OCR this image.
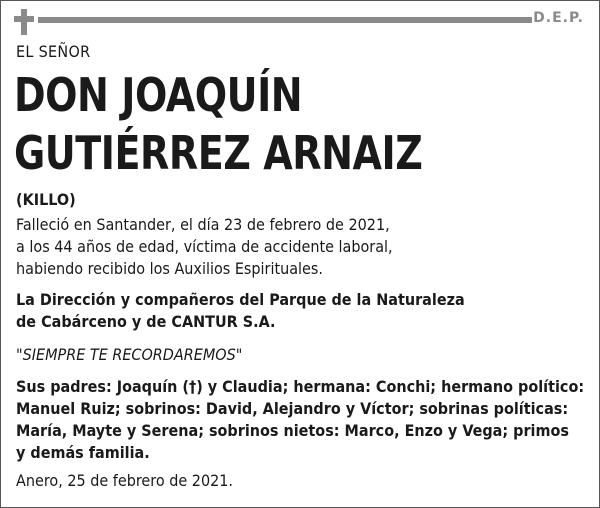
D.E.P.
EL SEÑOR
DON JOAQUÍN
GUTIÉRREZ ARNAIZ
(KILLO)
Falleció en Santander, el día 23 de febrero de 2021,
a los 44 años de edad, víctima de accidente laboral,
habiendo recibido los Auxilios Espirituales.
La Dirección y compañeros del Parque de la Naturaleza
de Cabárceno y de CANTUR S.A.
"SIEMPRE TE RECORDAREMOS"
Sus padres: Joaquín (†) y Claudia; hermana: Conchi; hermano político:
Manuel Ruiz; sobrinos: David, Alejandro y Víctor; sobrinas políticas:
María, Mayte y Serena; sobrinos nietos: Marco, Enzo y Vega; primos
y demás familia.
Anero, 25 de febrero de 2021.
